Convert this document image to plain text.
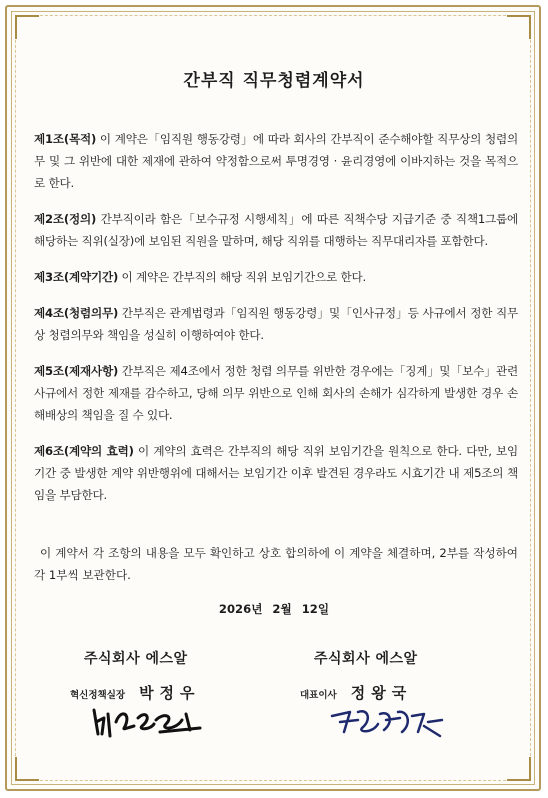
간부직 직무청렴계약서

제1조(목적) 이 계약은「임직원 행동강령」에 따라 회사의 간부직이 준수해야할 직무상의 청렴의무 및 그 위반에 대한 제재에 관하여 약정함으로써 투명경영 · 윤리경영에 이바지하는 것을 목적으로 한다.

제2조(정의) 간부직이라 함은「보수규정 시행세칙」에 따른 직책수당 지급기준 중 직책1그룹에 해당하는 직위(실장)에 보임된 직원을 말하며, 해당 직위를 대행하는 직무대리자를 포함한다.

제3조(계약기간) 이 계약은 간부직의 해당 직위 보임기간으로 한다.

제4조(청렴의무) 간부직은 관계법령과「임직원 행동강령」및「인사규정」등 사규에서 정한 직무상 청렴의무와 책임을 성실히 이행하여야 한다.

제5조(제재사항) 간부직은 제4조에서 정한 청렴 의무를 위반한 경우에는「징계」및「보수」관련 사규에서 정한 제재를 감수하고, 당해 의무 위반으로 인해 회사의 손해가 심각하게 발생한 경우 손해배상의 책임을 질 수 있다.

제6조(계약의 효력) 이 계약의 효력은 간부직의 해당 직위 보임기간을 원칙으로 한다. 다만, 보임기간 중 발생한 계약 위반행위에 대해서는 보임기간 이후 발견된 경우라도 시효기간 내 제5조의 책임을 부담한다.

이 계약서 각 조항의 내용을 모두 확인하고 상호 합의하에 이 계약을 체결하며, 2부를 작성하여 각 1부씩 보관한다.

2026년 2월 12일
주식회사 에스알
혁신정책실장 박정우
주식회사 에스알
대표이사 정왕국
